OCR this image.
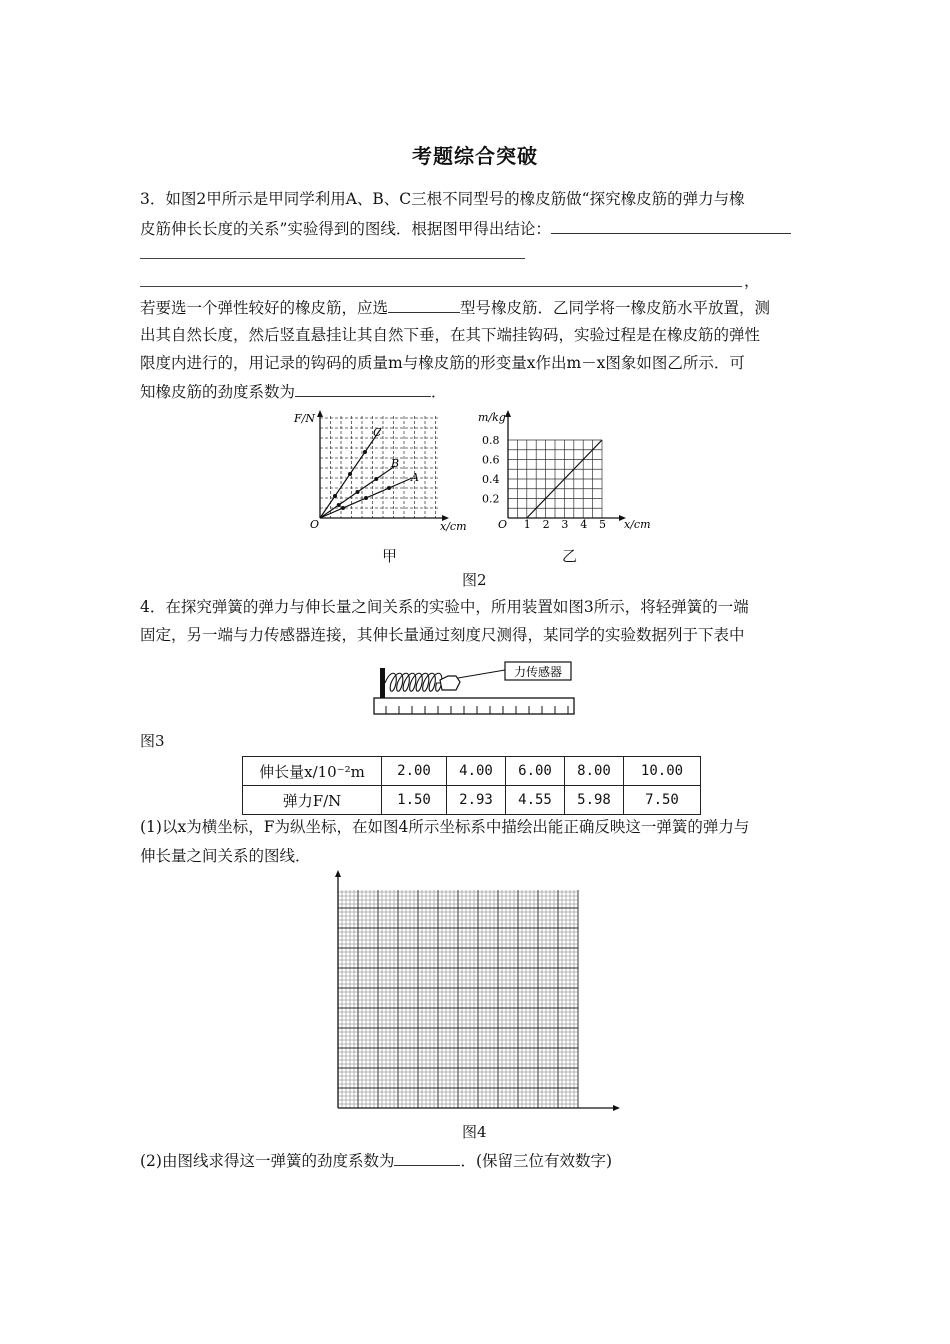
考题综合突破
3．如图2甲所示是甲同学利用A、B、C三根不同型号的橡皮筋做“探究橡皮筋的弹力与橡
皮筋伸长长度的关系”实验得到的图线．根据图甲得出结论：
，
若要选一个弹性较好的橡皮筋，应选	型号橡皮筋．乙同学将一橡皮筋水平放置，测
出其自然长度，然后竖直悬挂让其自然下垂，在其下端挂钩码，实验过程是在橡皮筋的弹性
限度内进行的，用记录的钩码的质量m与橡皮筋的形变量x作出m－x图象如图乙所示．可
知橡皮筋的劲度系数为	．
F/N
x/cm
O
A
B
C
甲
0.2
0.4
0.6
0.8
1 2 3 4 5
m/kg
x/cm
O
乙
图2
4．在探究弹簧的弹力与伸长量之间关系的实验中，所用装置如图3所示，将轻弹簧的一端
固定，另一端与力传感器连接，其伸长量通过刻度尺测得，某同学的实验数据列于下表中
力传感器
图3
伸长量x/10⁻²m	2.00	4.00	6.00	8.00	10.00
弹力F/N	1.50	2.93	4.55	5.98	7.50
(1)以x为横坐标，F为纵坐标，在如图4所示坐标系中描绘出能正确反映这一弹簧的弹力与
伸长量之间关系的图线．
图4
(2)由图线求得这一弹簧的劲度系数为	．(保留三位有效数字)
